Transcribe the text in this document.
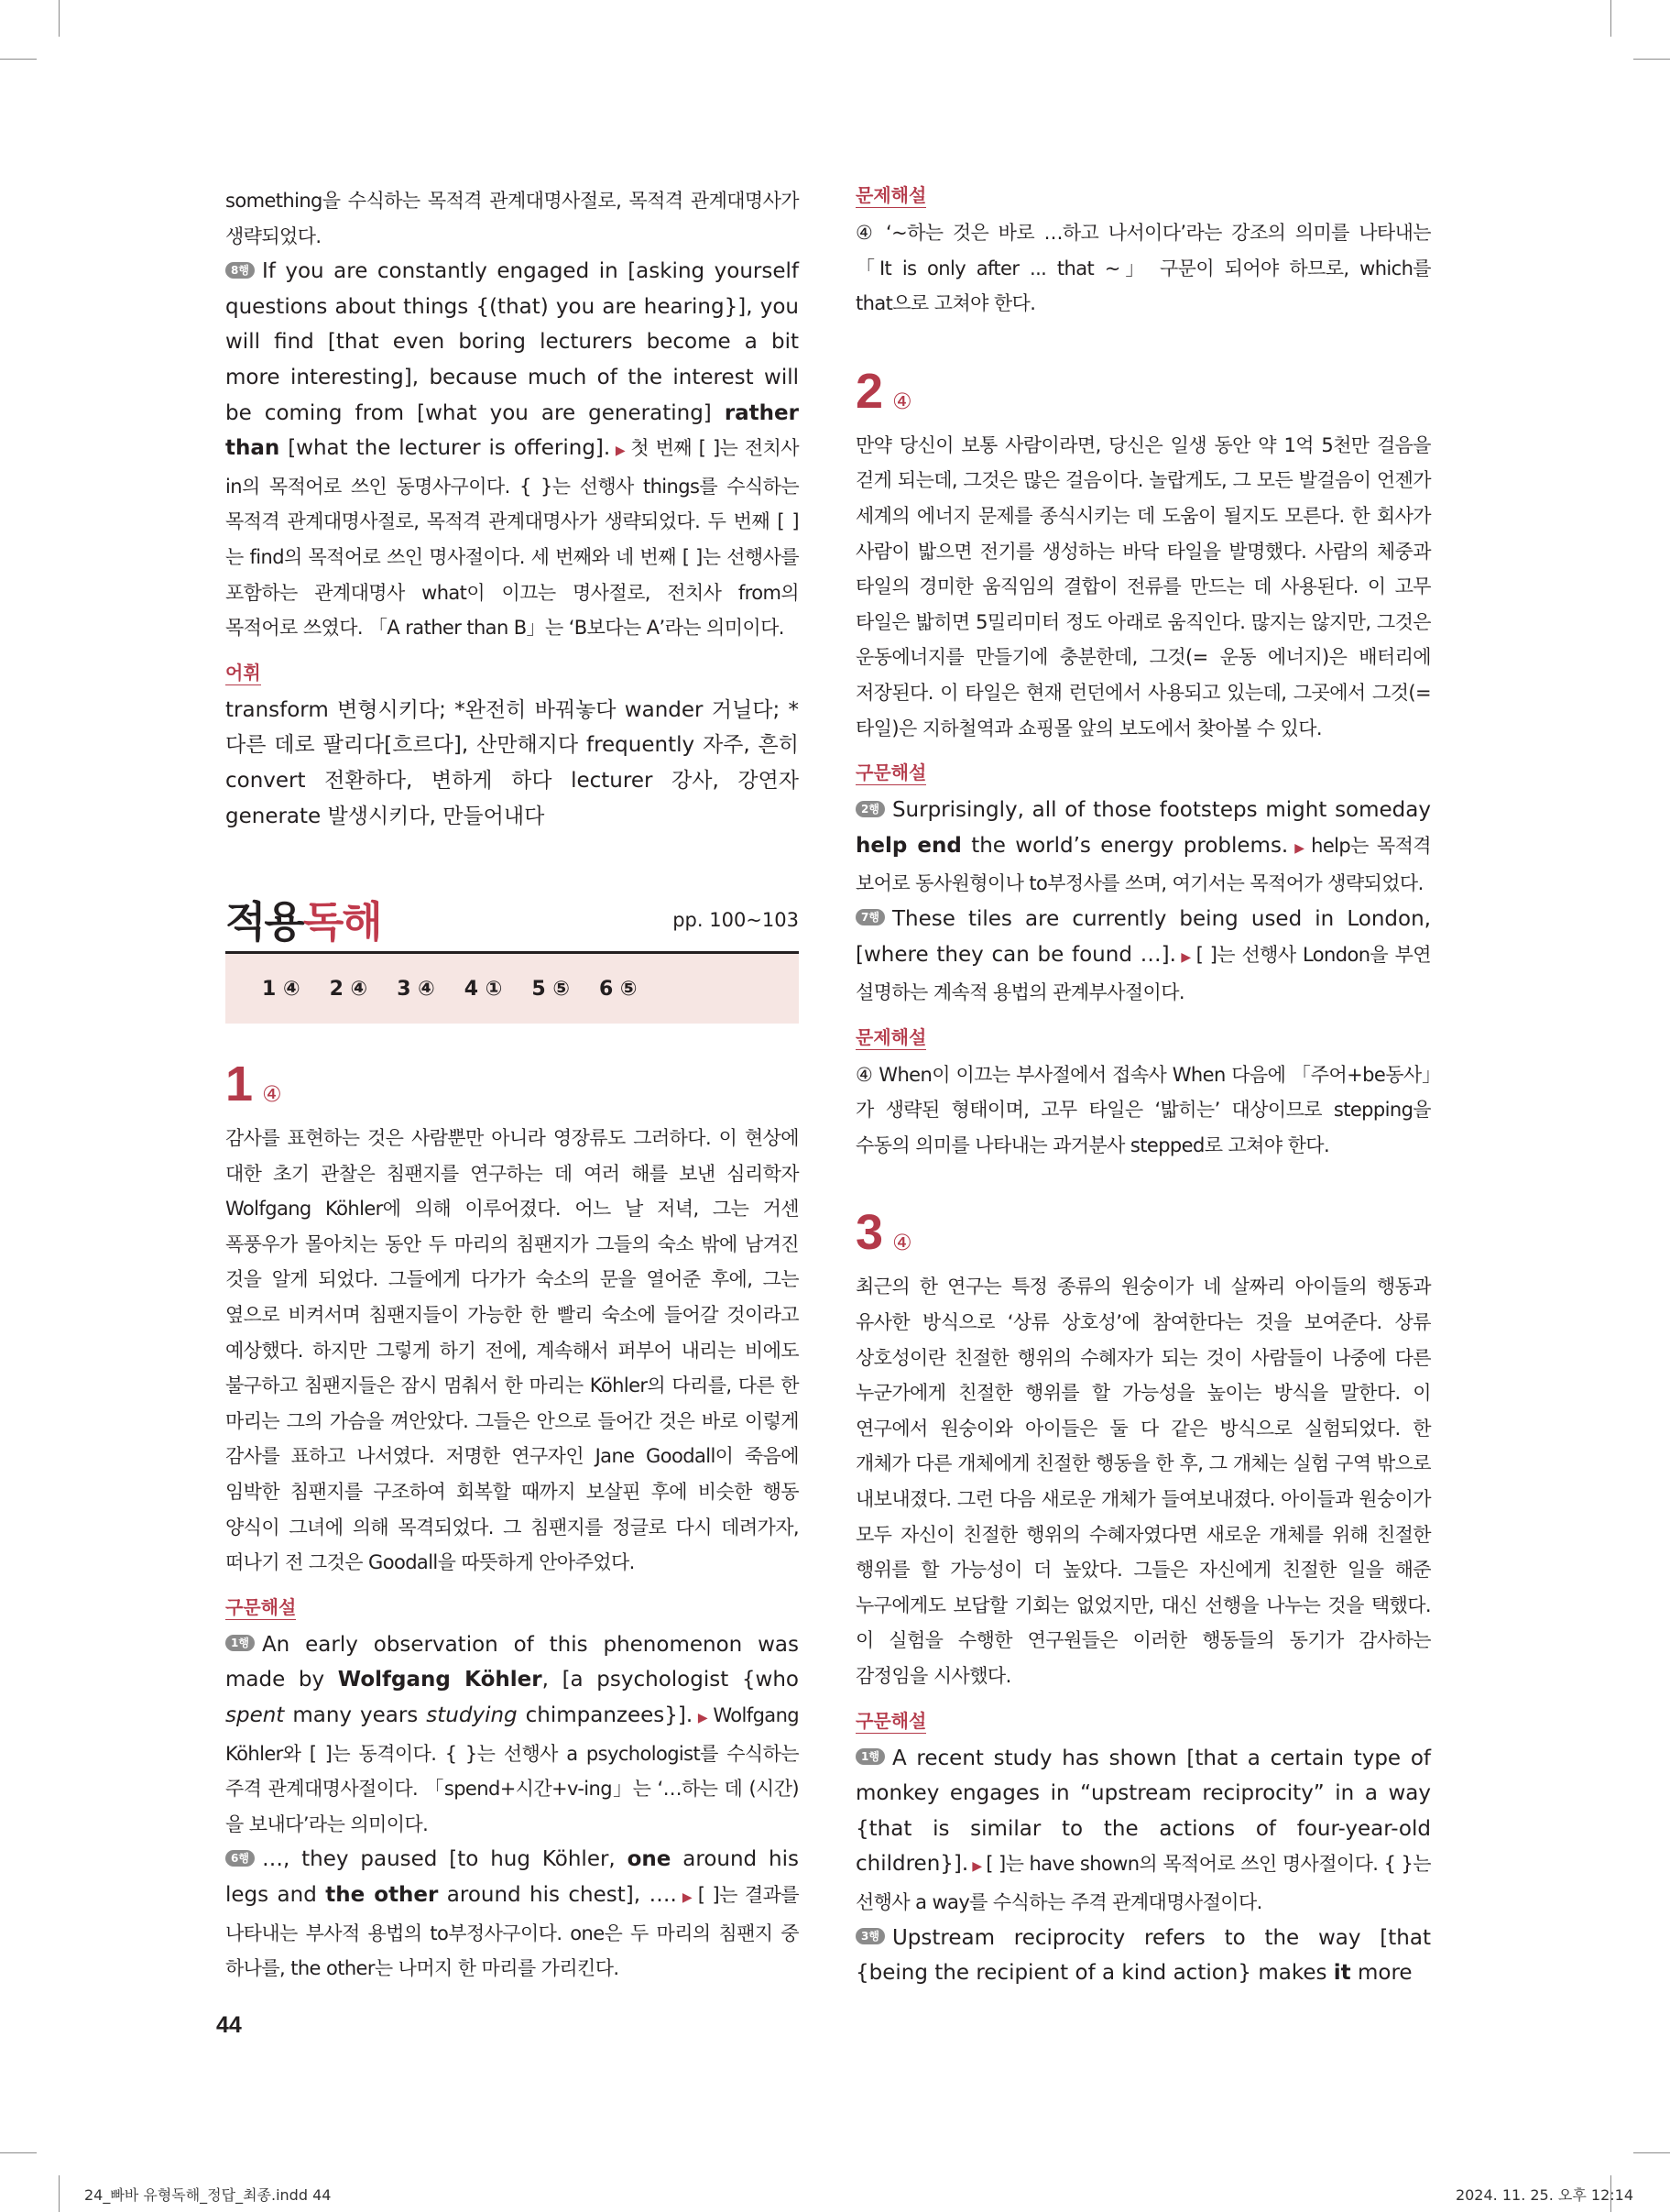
something을 수식하는 목적격 관계대명사절로, 목적격 관계대명사가 생략되었다.

8행 If you are constantly engaged in [asking yourself questions about things {(that) you are hearing}], you will find [that even boring lecturers become a bit more interesting], because much of the interest will be coming from [what you are generating] rather than [what the lecturer is offering]. ▶ 첫 번째 [ ]는 전치사 in의 목적어로 쓰인 동명사구이다. { }는 선행사 things를 수식하는 목적격 관계대명사절로, 목적격 관계대명사가 생략되었다. 두 번째 [ ]는 find의 목적어로 쓰인 명사절이다. 세 번째와 네 번째 [ ]는 선행사를 포함하는 관계대명사 what이 이끄는 명사절로, 전치사 from의 목적어로 쓰였다. 「A rather than B」는 ‘B보다는 A’라는 의미이다.

어휘

transform 변형시키다; *완전히 바꿔놓다 wander 거닐다; *다른 데로 팔리다[흐르다], 산만해지다 frequently 자주, 흔히 convert 전환하다, 변하게 하다 lecturer 강사, 강연자 generate 발생시키다, 만들어내다

적용독해	pp. 100~103
1 ④ 2 ④ 3 ④ 4 ① 5 ⑤ 6 ⑤
1 ④

감사를 표현하는 것은 사람뿐만 아니라 영장류도 그러하다. 이 현상에 대한 초기 관찰은 침팬지를 연구하는 데 여러 해를 보낸 심리학자 Wolfgang Köhler에 의해 이루어졌다. 어느 날 저녁, 그는 거센 폭풍우가 몰아치는 동안 두 마리의 침팬지가 그들의 숙소 밖에 남겨진 것을 알게 되었다. 그들에게 다가가 숙소의 문을 열어준 후에, 그는 옆으로 비켜서며 침팬지들이 가능한 한 빨리 숙소에 들어갈 것이라고 예상했다. 하지만 그렇게 하기 전에, 계속해서 퍼부어 내리는 비에도 불구하고 침팬지들은 잠시 멈춰서 한 마리는 Köhler의 다리를, 다른 한 마리는 그의 가슴을 껴안았다. 그들은 안으로 들어간 것은 바로 이렇게 감사를 표하고 나서였다. 저명한 연구자인 Jane Goodall이 죽음에 임박한 침팬지를 구조하여 회복할 때까지 보살핀 후에 비슷한 행동 양식이 그녀에 의해 목격되었다. 그 침팬지를 정글로 다시 데려가자, 떠나기 전 그것은 Goodall을 따뜻하게 안아주었다.

구문해설

1행 An early observation of this phenomenon was made by Wolfgang Köhler, [a psychologist {who spent many years studying chimpanzees}]. ▶ Wolfgang Köhler와 [ ]는 동격이다. { }는 선행사 a psychologist를 수식하는 주격 관계대명사절이다. 「spend+시간+v-ing」는 ‘…하는 데 (시간)을 보내다’라는 의미이다.

6행 …, they paused [to hug Köhler, one around his legs and the other around his chest], …. ▶ [ ]는 결과를 나타내는 부사적 용법의 to부정사구이다. one은 두 마리의 침팬지 중 하나를, the other는 나머지 한 마리를 가리킨다.

문제해설

④ ‘~하는 것은 바로 …하고 나서이다’라는 강조의 의미를 나타내는 「It is only after ... that ~」 구문이 되어야 하므로, which를 that으로 고쳐야 한다.

2 ④

만약 당신이 보통 사람이라면, 당신은 일생 동안 약 1억 5천만 걸음을 걷게 되는데, 그것은 많은 걸음이다. 놀랍게도, 그 모든 발걸음이 언젠가 세계의 에너지 문제를 종식시키는 데 도움이 될지도 모른다. 한 회사가 사람이 밟으면 전기를 생성하는 바닥 타일을 발명했다. 사람의 체중과 타일의 경미한 움직임의 결합이 전류를 만드는 데 사용된다. 이 고무 타일은 밟히면 5밀리미터 정도 아래로 움직인다. 많지는 않지만, 그것은 운동에너지를 만들기에 충분한데, 그것(= 운동 에너지)은 배터리에 저장된다. 이 타일은 현재 런던에서 사용되고 있는데, 그곳에서 그것(= 타일)은 지하철역과 쇼핑몰 앞의 보도에서 찾아볼 수 있다.

구문해설

2행 Surprisingly, all of those footsteps might someday help end the world’s energy problems. ▶ help는 목적격 보어로 동사원형이나 to부정사를 쓰며, 여기서는 목적어가 생략되었다.

7행 These tiles are currently being used in London, [where they can be found …]. ▶ [ ]는 선행사 London을 부연 설명하는 계속적 용법의 관계부사절이다.

문제해설

④ When이 이끄는 부사절에서 접속사 When 다음에 「주어+be동사」가 생략된 형태이며, 고무 타일은 ‘밟히는’ 대상이므로 stepping을 수동의 의미를 나타내는 과거분사 stepped로 고쳐야 한다.

3 ④

최근의 한 연구는 특정 종류의 원숭이가 네 살짜리 아이들의 행동과 유사한 방식으로 ‘상류 상호성’에 참여한다는 것을 보여준다. 상류 상호성이란 친절한 행위의 수혜자가 되는 것이 사람들이 나중에 다른 누군가에게 친절한 행위를 할 가능성을 높이는 방식을 말한다. 이 연구에서 원숭이와 아이들은 둘 다 같은 방식으로 실험되었다. 한 개체가 다른 개체에게 친절한 행동을 한 후, 그 개체는 실험 구역 밖으로 내보내졌다. 그런 다음 새로운 개체가 들여보내졌다. 아이들과 원숭이가 모두 자신이 친절한 행위의 수혜자였다면 새로운 개체를 위해 친절한 행위를 할 가능성이 더 높았다. 그들은 자신에게 친절한 일을 해준 누구에게도 보답할 기회는 없었지만, 대신 선행을 나누는 것을 택했다. 이 실험을 수행한 연구원들은 이러한 행동들의 동기가 감사하는 감정임을 시사했다.

구문해설

1행 A recent study has shown [that a certain type of monkey engages in “upstream reciprocity” in a way {that is similar to the actions of four-year-old children}]. ▶ [ ]는 have shown의 목적어로 쓰인 명사절이다. { }는 선행사 a way를 수식하는 주격 관계대명사절이다.

3행 Upstream reciprocity refers to the way [that {being the recipient of a kind action} makes it more

44
24_빠바 유형독해_정답_최종.indd 44	2024. 11. 25. 오후 12:14
